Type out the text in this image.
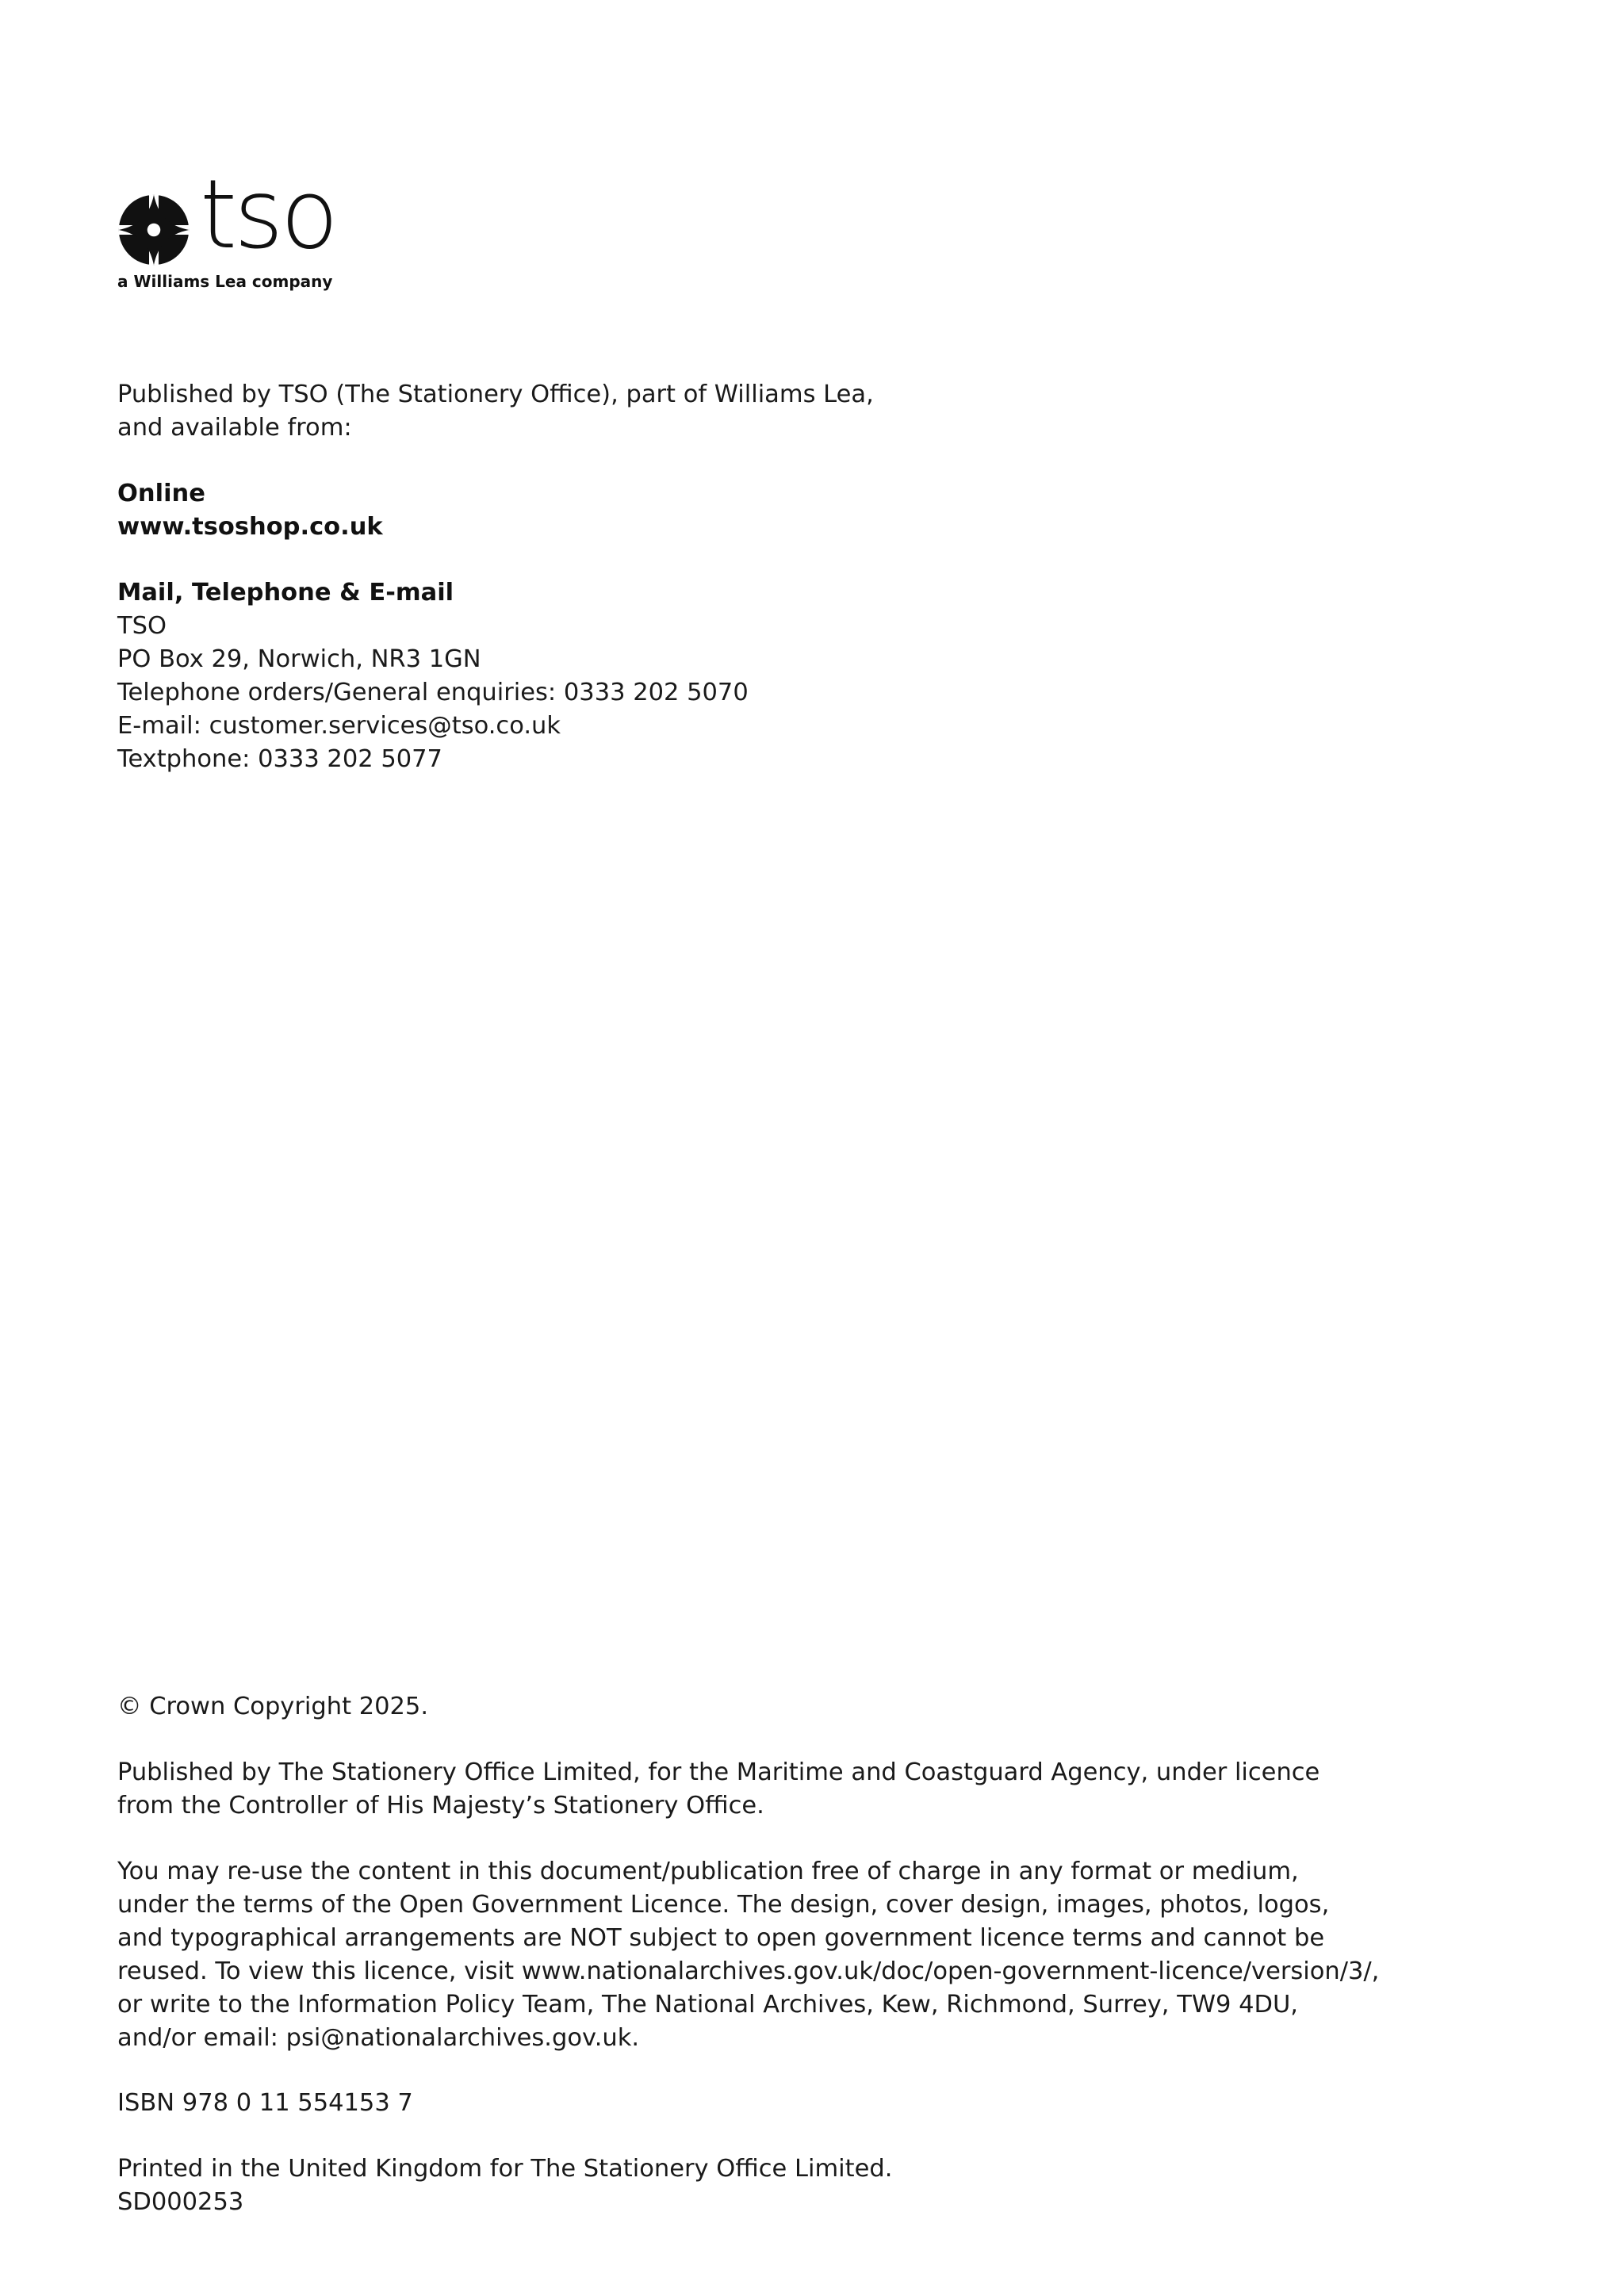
tso
a Williams Lea company
Published by TSO (The Stationery Office), part of Williams Lea,
and available from:
Online
www.tsoshop.co.uk
Mail, Telephone & E-mail
TSO
PO Box 29, Norwich, NR3 1GN
Telephone orders/General enquiries: 0333 202 5070
E-mail: customer.services@tso.co.uk
Textphone: 0333 202 5077
© Crown Copyright 2025.
Published by The Stationery Office Limited, for the Maritime and Coastguard Agency, under licence
from the Controller of His Majesty’s Stationery Office.
You may re-use the content in this document/publication free of charge in any format or medium,
under the terms of the Open Government Licence. The design, cover design, images, photos, logos,
and typographical arrangements are NOT subject to open government licence terms and cannot be
reused. To view this licence, visit www.nationalarchives.gov.uk/doc/open-government-licence/version/3/,
or write to the Information Policy Team, The National Archives, Kew, Richmond, Surrey, TW9 4DU,
and/or email: psi@nationalarchives.gov.uk.
ISBN 978 0 11 554153 7
Printed in the United Kingdom for The Stationery Office Limited.
SD000253
